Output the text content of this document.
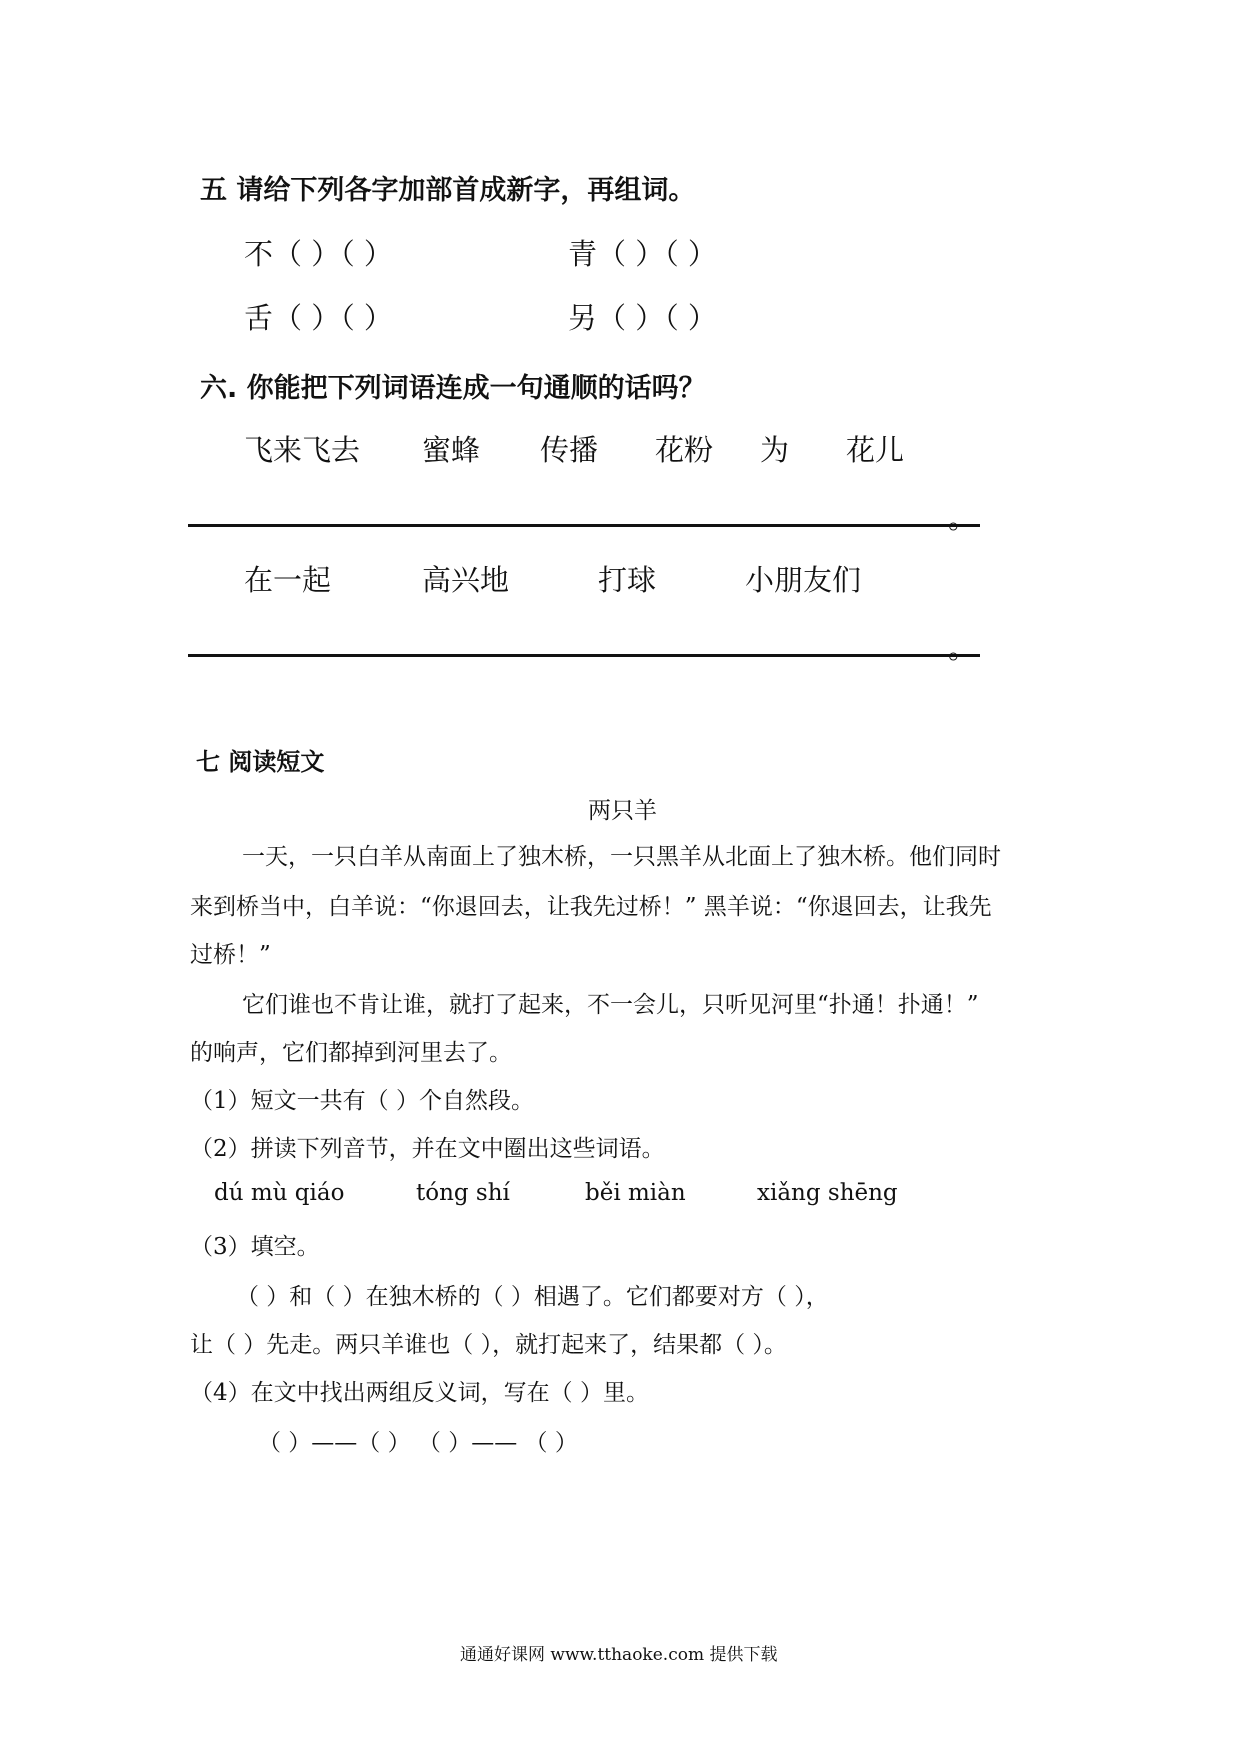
五 请给下列各字加部首成新字，再组词。
不（ ）（ ）	青（ ）（ ）
舌（ ）（ ）	另（ ）（ ）
六. 你能把下列词语连成一句通顺的话吗？
飞来飞去 蜜蜂 传播 花粉 为 花儿
。
在一起	高兴地	打球	小朋友们
。
七 阅读短文
两只羊
一天，一只白羊从南面上了独木桥，一只黑羊从北面上了独木桥。他们同时
来到桥当中，白羊说：“你退回去，让我先过桥！” 黑羊说：“你退回去，让我先
过桥！”
它们谁也不肯让谁，就打了起来，不一会儿，只听见河里“扑通！扑通！”
的响声，它们都掉到河里去了。
（1）短文一共有（ ）个自然段。
（2）拼读下列音节，并在文中圈出这些词语。
dú mù qiáo	tóng shí	běi miàn	xiǎng shēng
（3）填空。
（ ）和（ ）在独木桥的（ ）相遇了。它们都要对方（ ），
让（ ）先走。两只羊谁也（ ），就打起来了，结果都（ ）。
（4）在文中找出两组反义词，写在（ ）里。
（ ）——（ ） （ ）—— （ ）
通通好课网 www.tthaoke.com 提供下载
